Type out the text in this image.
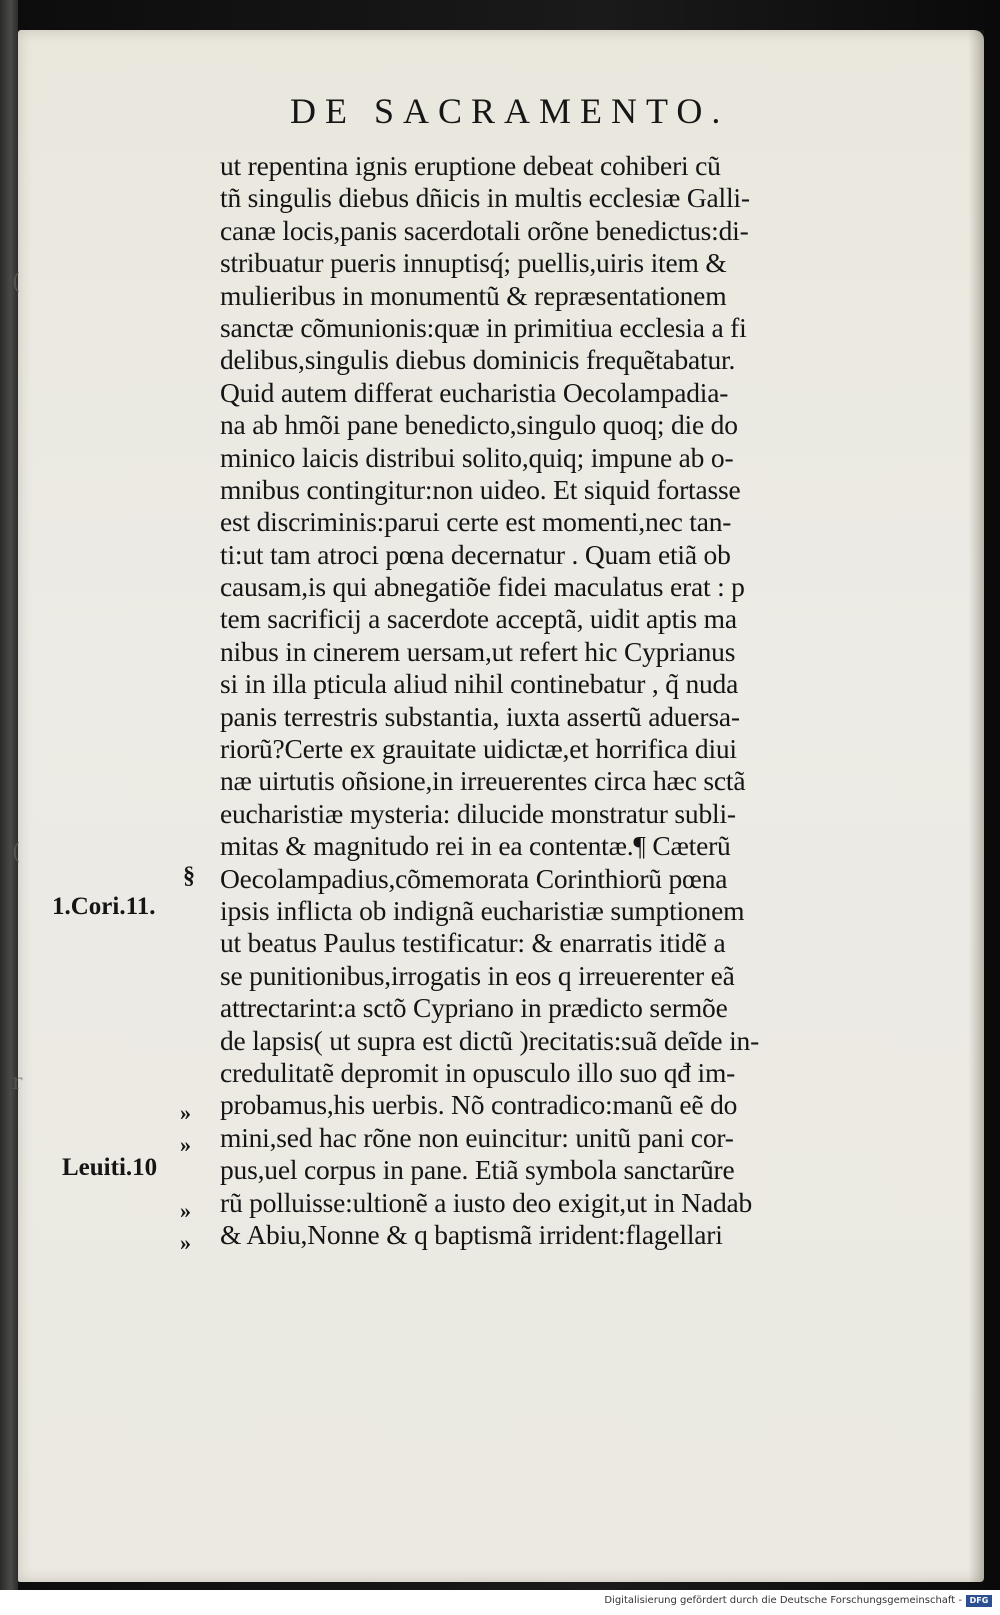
(
(
r
DE SACRAMENTO.
ut repentina ignis eruptione debeat cohiberi cũ
tñ singulis diebus dñicis in multis ecclesiæ Galli-
canæ locis,panis sacerdotali orõne benedictus:di-
stribuatur pueris innuptisq́; puellis,uiris item &
mulieribus in monumentũ & repræsentationem
sanctæ cõmunionis:quæ in primitiua ecclesia a fi
delibus,singulis diebus dominicis frequẽtabatur.
Quid autem differat eucharistia Oecolampadia-
na ab hmõi pane benedicto,singulo quoq; die do
minico laicis distribui solito,quiq; impune ab o-
mnibus contingitur:non uideo. Et siquid fortasse
est discriminis:parui certe est momenti,nec tan-
ti:ut tam atroci pœna decernatur . Quam etiã ob
causam,is qui abnegatiõe fidei maculatus erat : p
tem sacrificij a sacerdote acceptã, uidit aptis ma
nibus in cinerem uersam,ut refert hic Cyprianus
si in illa pticula aliud nihil continebatur , q̃ nuda
panis terrestris substantia, iuxta assertũ aduersa-
riorũ?Certe ex grauitate uidictæ,et horrifica diui
næ uirtutis oñsione,in irreuerentes circa hæc sctã
eucharistiæ mysteria: dilucide monstratur subli-
mitas & magnitudo rei in ea contentæ.¶ Cæterũ
Oecolampadius,cõmemorata Corinthiorũ pœna
ipsis inflicta ob indignã eucharistiæ sumptionem
ut beatus Paulus testificatur: & enarratis itidẽ a
se punitionibus,irrogatis in eos q irreuerenter eã
attrectarint:a sctõ Cypriano in prædicto sermõe
de lapsis( ut supra est dictũ )recitatis:suã deĩde in-
credulitatẽ depromit in opusculo illo suo qđ im-
probamus,his uerbis. Nõ contradico:manũ eẽ do
mini,sed hac rõne non euincitur: unitũ pani cor-
pus,uel corpus in pane. Etiã symbola sanctarũre
rũ polluisse:ultionẽ a iusto deo exigit,ut in Nadab
& Abiu,Nonne & q baptismã irrident:flagellari
§
1.Cori.11.
Leuiti.10
»
»
»
»
Digitalisierung gefördert durch die Deutsche Forschungsgemeinschaft - DFG
